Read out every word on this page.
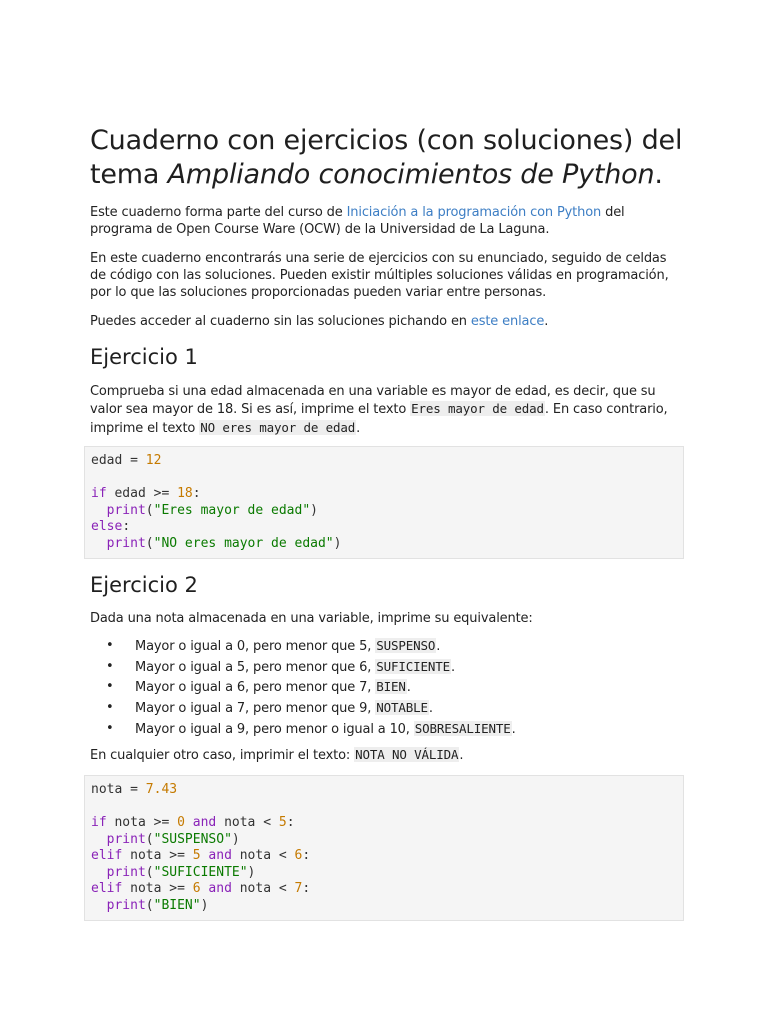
Cuaderno con ejercicios (con soluciones) del tema Ampliando conocimientos de Python.

Este cuaderno forma parte del curso de Iniciación a la programación con Python del programa de Open Course Ware (OCW) de la Universidad de La Laguna.

En este cuaderno encontrarás una serie de ejercicios con su enunciado, seguido de celdas de código con las soluciones. Pueden existir múltiples soluciones válidas en programación, por lo que las soluciones proporcionadas pueden variar entre personas.

Puedes acceder al cuaderno sin las soluciones pichando en este enlace.

Ejercicio 1

Comprueba si una edad almacenada en una variable es mayor de edad, es decir, que su valor sea mayor de 18. Si es así, imprime el texto Eres mayor de edad. En caso contrario, imprime el texto NO eres mayor de edad.

edad = 12

if edad >= 18:
print("Eres mayor de edad")
else:
print("NO eres mayor de edad")
Ejercicio 2

Dada una nota almacenada en una variable, imprime su equivalente:

• Mayor o igual a 0, pero menor que 5, SUSPENSO.
• Mayor o igual a 5, pero menor que 6, SUFICIENTE.
• Mayor o igual a 6, pero menor que 7, BIEN.
• Mayor o igual a 7, pero menor que 9, NOTABLE.
• Mayor o igual a 9, pero menor o igual a 10, SOBRESALIENTE.

En cualquier otro caso, imprimir el texto: NOTA NO VÁLIDA.

nota = 7.43

if nota >= 0 and nota < 5:
print("SUSPENSO")
elif nota >= 5 and nota < 6:
print("SUFICIENTE")
elif nota >= 6 and nota < 7:
print("BIEN")
